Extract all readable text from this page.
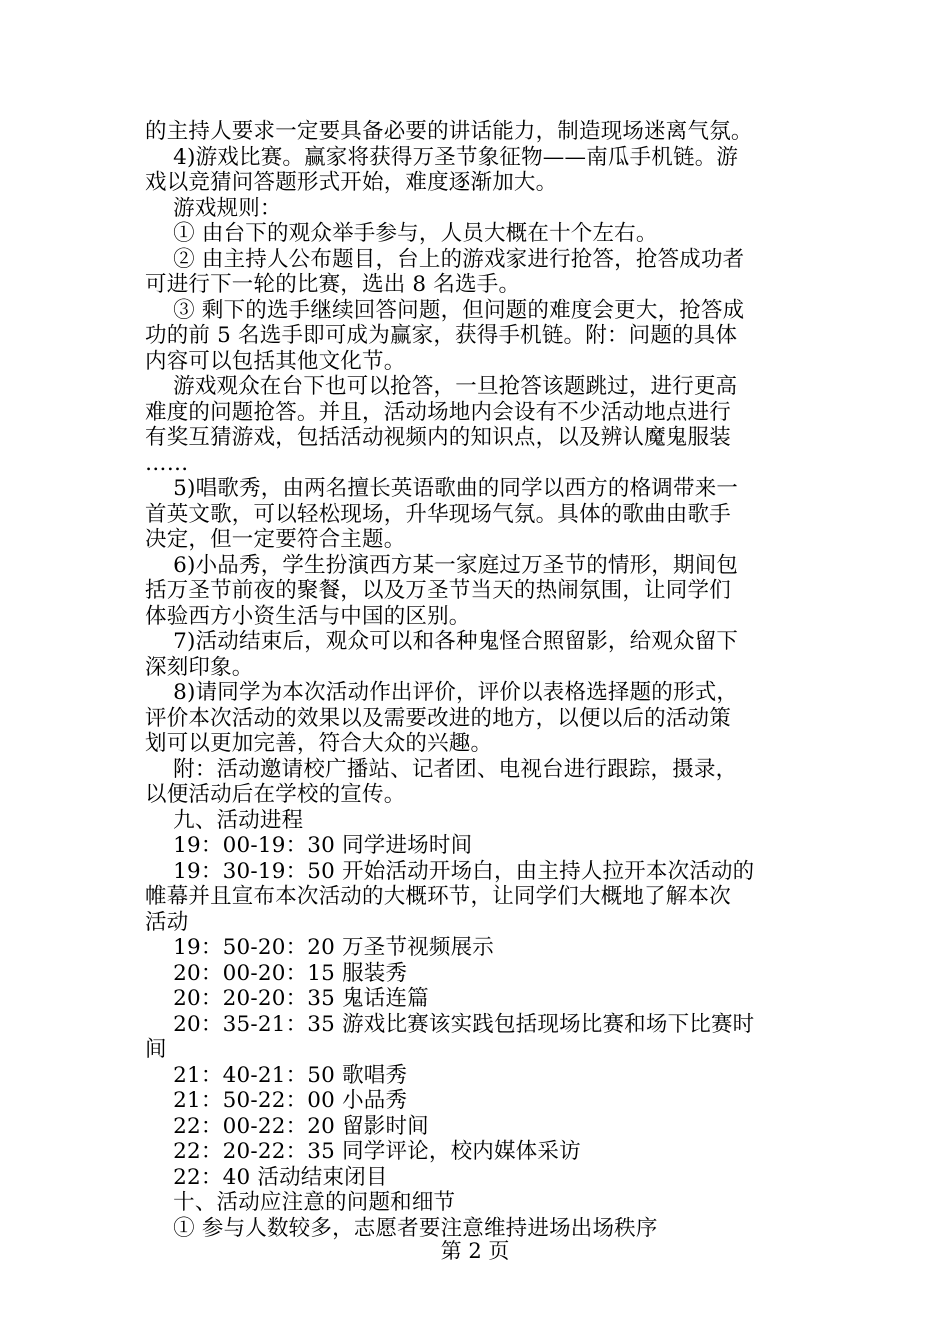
的主持人要求一定要具备必要的讲话能力，制造现场迷离气氛。
4)游戏比赛。赢家将获得万圣节象征物——南瓜手机链。游
戏以竞猜问答题形式开始，难度逐渐加大。
游戏规则：
① 由台下的观众举手参与，人员大概在十个左右。
② 由主持人公布题目，台上的游戏家进行抢答，抢答成功者
可进行下一轮的比赛，选出 8 名选手。
③ 剩下的选手继续回答问题，但问题的难度会更大，抢答成
功的前 5 名选手即可成为赢家，获得手机链。附：问题的具体
内容可以包括其他文化节。
游戏观众在台下也可以抢答，一旦抢答该题跳过，进行更高
难度的问题抢答。并且，活动场地内会设有不少活动地点进行
有奖互猜游戏，包括活动视频内的知识点，以及辨认魔鬼服装
……
5)唱歌秀，由两名擅长英语歌曲的同学以西方的格调带来一
首英文歌，可以轻松现场，升华现场气氛。具体的歌曲由歌手
决定，但一定要符合主题。
6)小品秀，学生扮演西方某一家庭过万圣节的情形，期间包
括万圣节前夜的聚餐，以及万圣节当天的热闹氛围，让同学们
体验西方小资生活与中国的区别。
7)活动结束后，观众可以和各种鬼怪合照留影，给观众留下
深刻印象。
8)请同学为本次活动作出评价，评价以表格选择题的形式，
评价本次活动的效果以及需要改进的地方，以便以后的活动策
划可以更加完善，符合大众的兴趣。
附：活动邀请校广播站、记者团、电视台进行跟踪，摄录，
以便活动后在学校的宣传。
九、活动进程
19：00-19：30 同学进场时间
19：30-19：50 开始活动开场白，由主持人拉开本次活动的
帷幕并且宣布本次活动的大概环节，让同学们大概地了解本次
活动
19：50-20：20 万圣节视频展示
20：00-20：15 服装秀
20：20-20：35 鬼话连篇
20：35-21：35 游戏比赛该实践包括现场比赛和场下比赛时
间
21：40-21：50 歌唱秀
21：50-22：00 小品秀
22：00-22：20 留影时间
22：20-22：35 同学评论，校内媒体采访
22：40 活动结束闭目
十、活动应注意的问题和细节
① 参与人数较多，志愿者要注意维持进场出场秩序
第 2 页
